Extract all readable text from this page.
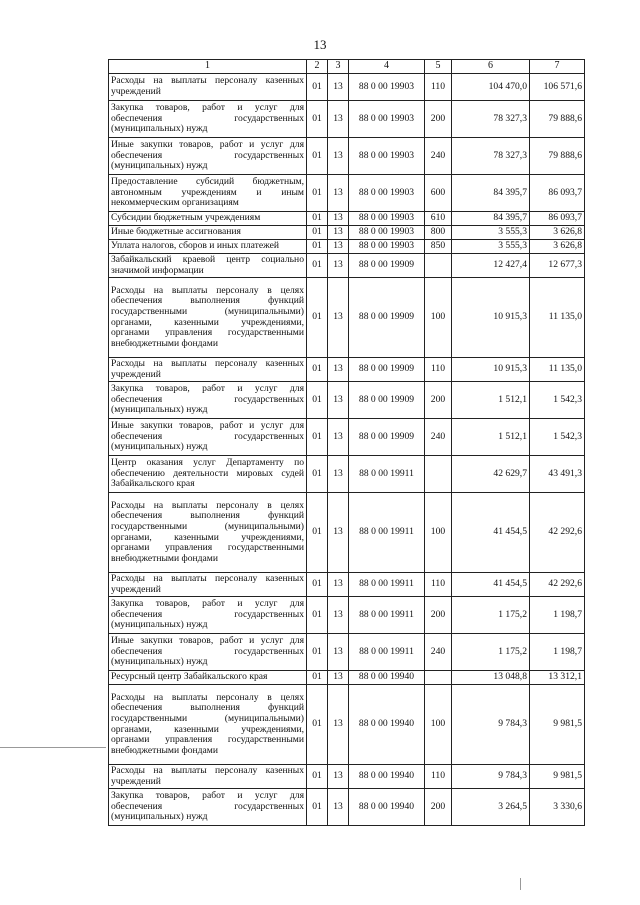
13
1	2	3	4	5	6	7
Расходы на выплаты персоналу казенных учреждений	01	13	88 0 00 19903	110	104 470,0	106 571,6
Закупка товаров, работ и услуг для обеспечения государственных (муниципальных) нужд	01	13	88 0 00 19903	200	78 327,3	79 888,6
Иные закупки товаров, работ и услуг для обеспечения государственных (муниципальных) нужд	01	13	88 0 00 19903	240	78 327,3	79 888,6
Предоставление субсидий бюджетным, автономным учреждениям и иным некоммерческим организациям	01	13	88 0 00 19903	600	84 395,7	86 093,7
Субсидии бюджетным учреждениям	01	13	88 0 00 19903	610	84 395,7	86 093,7
Иные бюджетные ассигнования	01	13	88 0 00 19903	800	3 555,3	3 626,8
Уплата налогов, сборов и иных платежей	01	13	88 0 00 19903	850	3 555,3	3 626,8
Забайкальский краевой центр социально значимой информации	01	13	88 0 00 19909		12 427,4	12 677,3
Расходы на выплаты персоналу в целях обеспечения выполнения функций государственными (муниципальными) органами, казенными учреждениями, органами управления государственными внебюджетными фондами	01	13	88 0 00 19909	100	10 915,3	11 135,0
Расходы на выплаты персоналу казенных учреждений	01	13	88 0 00 19909	110	10 915,3	11 135,0
Закупка товаров, работ и услуг для обеспечения государственных (муниципальных) нужд	01	13	88 0 00 19909	200	1 512,1	1 542,3
Иные закупки товаров, работ и услуг для обеспечения государственных (муниципальных) нужд	01	13	88 0 00 19909	240	1 512,1	1 542,3
Центр оказания услуг Департаменту по обеспечению деятельности мировых судей Забайкальского края	01	13	88 0 00 19911		42 629,7	43 491,3
Расходы на выплаты персоналу в целях обеспечения выполнения функций государственными (муниципальными) органами, казенными учреждениями, органами управления государственными внебюджетными фондами	01	13	88 0 00 19911	100	41 454,5	42 292,6
Расходы на выплаты персоналу казенных учреждений	01	13	88 0 00 19911	110	41 454,5	42 292,6
Закупка товаров, работ и услуг для обеспечения государственных (муниципальных) нужд	01	13	88 0 00 19911	200	1 175,2	1 198,7
Иные закупки товаров, работ и услуг для обеспечения государственных (муниципальных) нужд	01	13	88 0 00 19911	240	1 175,2	1 198,7
Ресурсный центр Забайкальского края	01	13	88 0 00 19940		13 048,8	13 312,1
Расходы на выплаты персоналу в целях обеспечения выполнения функций государственными (муниципальными) органами, казенными учреждениями, органами управления государственными внебюджетными фондами	01	13	88 0 00 19940	100	9 784,3	9 981,5
Расходы на выплаты персоналу казенных учреждений	01	13	88 0 00 19940	110	9 784,3	9 981,5
Закупка товаров, работ и услуг для обеспечения государственных (муниципальных) нужд	01	13	88 0 00 19940	200	3 264,5	3 330,6
